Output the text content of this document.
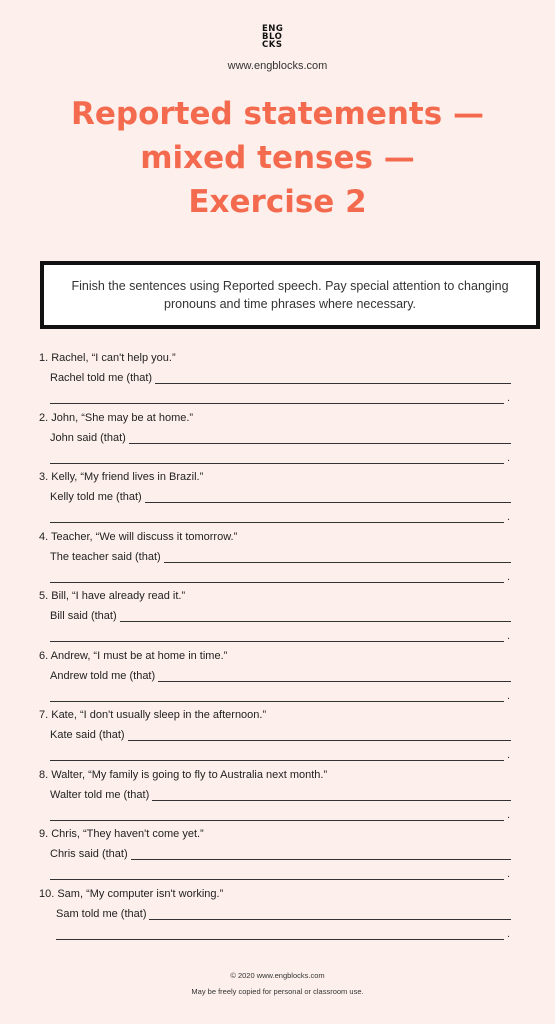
ENG
BLO
CKS
www.engblocks.com
Reported statements —
mixed tenses —
Exercise 2
Finish the sentences using Reported speech. Pay special attention to changing pronouns and time phrases where necessary.
1. Rachel, “I can't help you.”
Rachel told me (that)
.
2. John, “She may be at home.”
John said (that)
.
3. Kelly, “My friend lives in Brazil.”
Kelly told me (that)
.
4. Teacher, “We will discuss it tomorrow.”
The teacher said (that)
.
5. Bill, “I have already read it.”
Bill said (that)
.
6. Andrew, “I must be at home in time.”
Andrew told me (that)
.
7. Kate, “I don't usually sleep in the afternoon.”
Kate said (that)
.
8. Walter, “My family is going to fly to Australia next month.”
Walter told me (that)
.
9. Chris, “They haven't come yet.”
Chris said (that)
.
10. Sam, “My computer isn't working.”
Sam told me (that)
.
© 2020 www.engblocks.com
May be freely copied for personal or classroom use.
